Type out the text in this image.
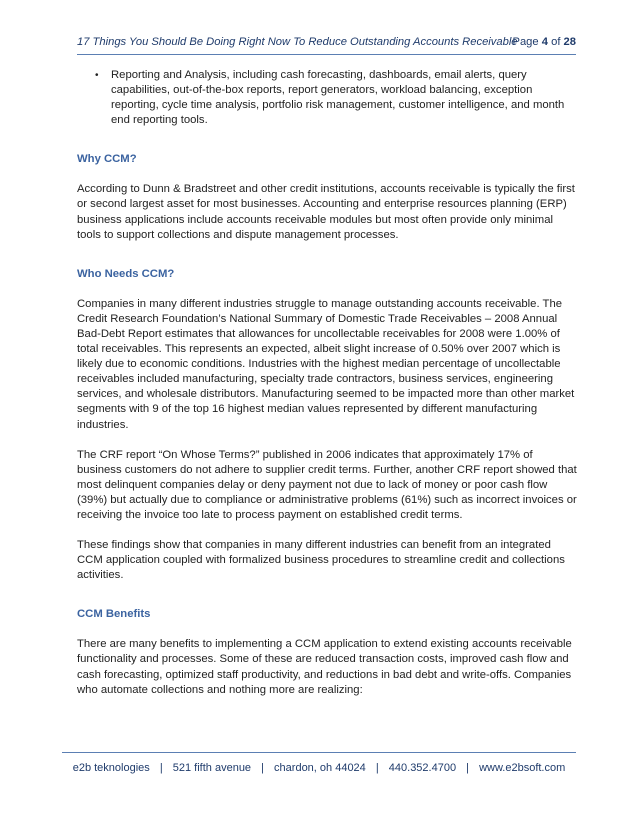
17 Things You Should Be Doing Right Now To Reduce Outstanding Accounts Receivable
Page 4 of 28
•	Reporting and Analysis, including cash forecasting, dashboards, email alerts, query capabilities, out-of-the-box reports, report generators, workload balancing, exception reporting, cycle time analysis, portfolio risk management, customer intelligence, and month end reporting tools.
Why CCM?

According to Dunn & Bradstreet and other credit institutions, accounts receivable is typically the first or second largest asset for most businesses. Accounting and enterprise resources planning (ERP) business applications include accounts receivable modules but most often provide only minimal tools to support collections and dispute management processes.

Who Needs CCM?

Companies in many different industries struggle to manage outstanding accounts receivable. The Credit Research Foundation’s National Summary of Domestic Trade Receivables – 2008 Annual Bad-Debt Report estimates that allowances for uncollectable receivables for 2008 were 1.00% of total receivables. This represents an expected, albeit slight increase of 0.50% over 2007 which is likely due to economic conditions. Industries with the highest median percentage of uncollectable receivables included manufacturing, specialty trade contractors, business services, engineering services, and wholesale distributors. Manufacturing seemed to be impacted more than other market segments with 9 of the top 16 highest median values represented by different manufacturing industries.

The CRF report “On Whose Terms?” published in 2006 indicates that approximately 17% of business customers do not adhere to supplier credit terms. Further, another CRF report showed that most delinquent companies delay or deny payment not due to lack of money or poor cash flow (39%) but actually due to compliance or administrative problems (61%) such as incorrect invoices or receiving the invoice too late to process payment on established credit terms.

These findings show that companies in many different industries can benefit from an integrated CCM application coupled with formalized business procedures to streamline credit and collections activities.

CCM Benefits

There are many benefits to implementing a CCM application to extend existing accounts receivable functionality and processes. Some of these are reduced transaction costs, improved cash flow and cash forecasting, optimized staff productivity, and reductions in bad debt and write-offs. Companies who automate collections and nothing more are realizing:

e2b teknologies | 521 fifth avenue | chardon, oh 44024 | 440.352.4700 | www.e2bsoft.com
